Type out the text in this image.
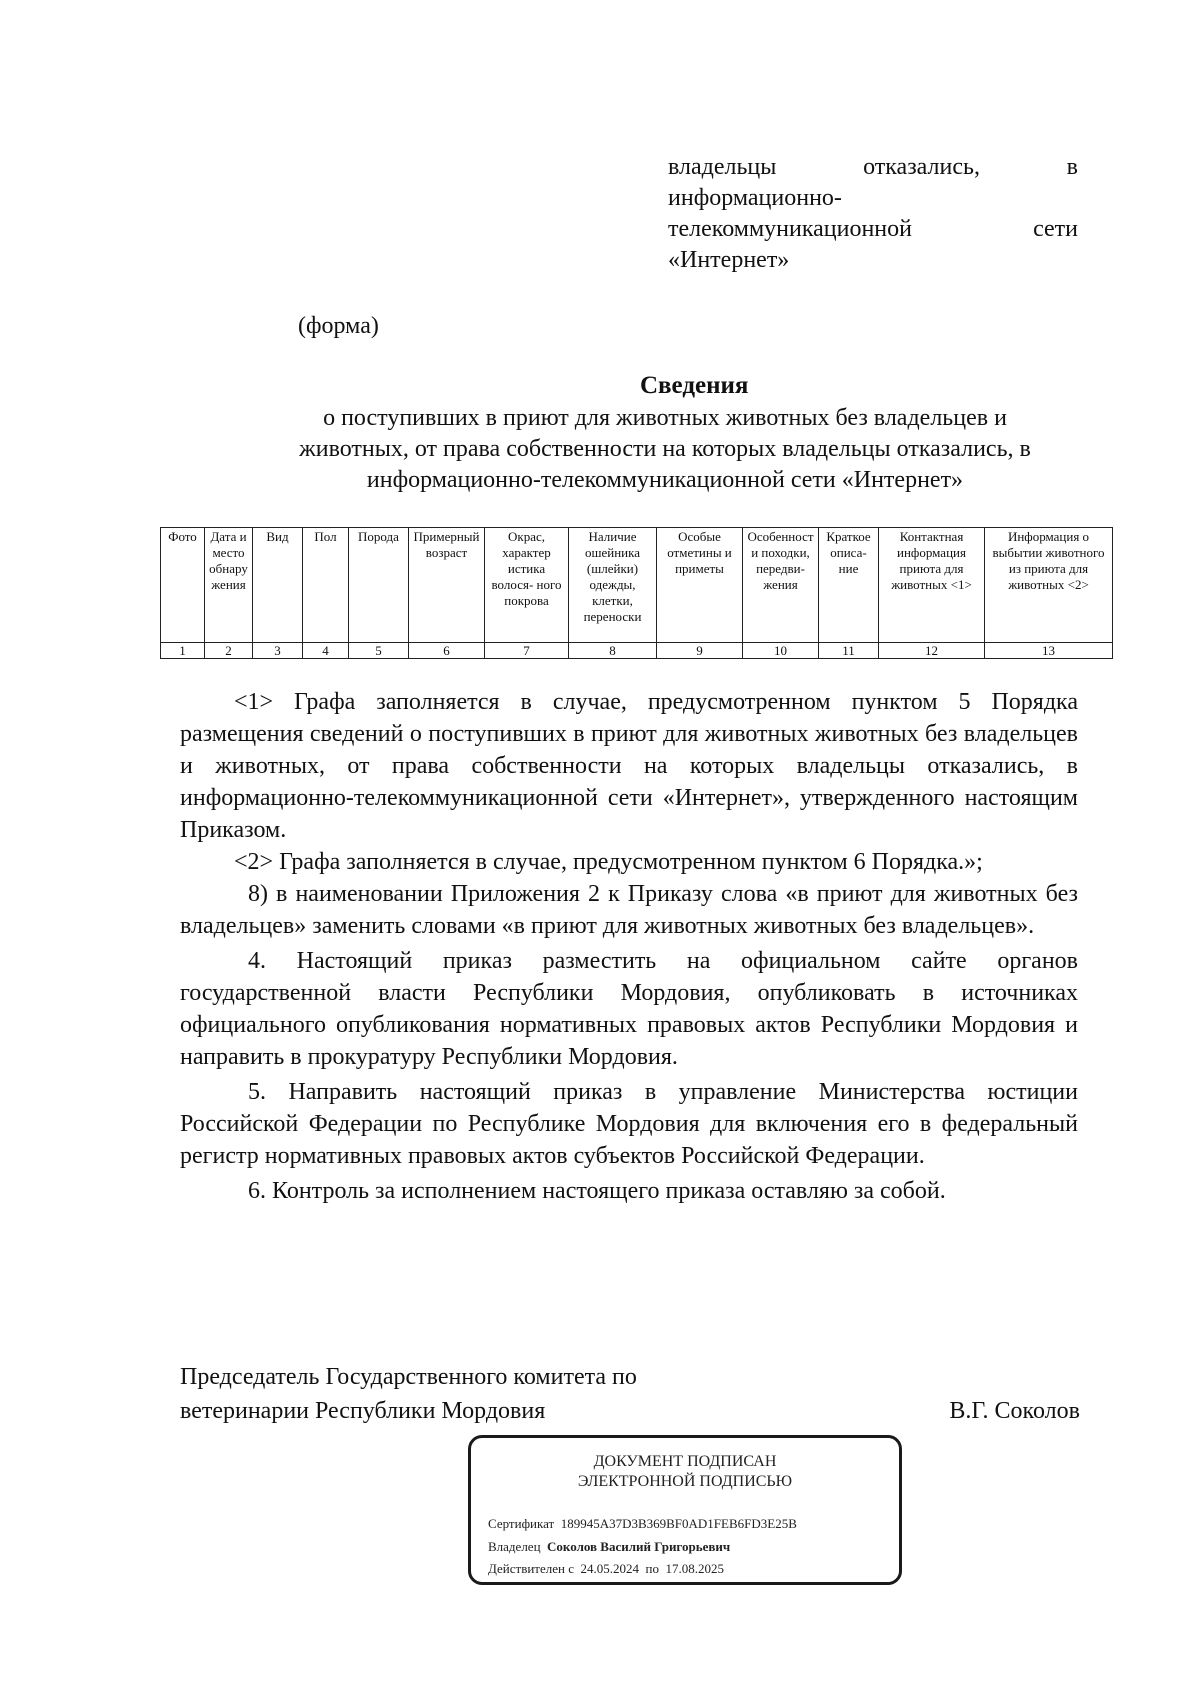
владельцы	отказались,	в
информационно-
телекоммуникационной	сети
«Интернет»
(форма)
Сведения
о поступивших в приют для животных животных без владельцев и
животных, от права собственности на которых владельцы отказались, в
информационно-телекоммуникационной сети «Интернет»
Фото	Дата и место обнару жения	Вид	Пол	Порода	Примерный возраст	Окрас, характер истика волося- ного покрова	Наличие ошейника (шлейки) одежды, клетки, переноски	Особые отметины и приметы	Особенност и походки, передви- жения	Краткое описа- ние	Контактная информация приюта для животных <1>	Информация о выбытии животного из приюта для животных <2>
1	2	3	4	5	6	7	8	9	10	11	12	13

<1> Графа заполняется в случае, предусмотренном пунктом 5 Порядка размещения сведений о поступивших в приют для животных животных без владельцев и животных, от права собственности на которых владельцы отказались, в информационно-телекоммуникационной сети «Интернет», утвержденного настоящим Приказом.

<2> Графа заполняется в случае, предусмотренном пунктом 6 Порядка.»;

8) в наименовании Приложения 2 к Приказу слова «в приют для животных без владельцев» заменить словами «в приют для животных животных без владельцев».

4. Настоящий приказ разместить на официальном сайте органов государственной власти Республики Мордовия, опубликовать в источниках официального опубликования нормативных правовых актов Республики Мордовия и направить в прокуратуру Республики Мордовия.

5. Направить настоящий приказ в управление Министерства юстиции Российской Федерации по Республике Мордовия для включения его в федеральный регистр нормативных правовых актов субъектов Российской Федерации.

6. Контроль за исполнением настоящего приказа оставляю за собой.

Председатель Государственного комитета по
ветеринарии Республики Мордовия	В.Г. Соколов
ДОКУМЕНТ ПОДПИСАН
ЭЛЕКТРОННОЙ ПОДПИСЬЮ
Сертификат 189945A37D3B369BF0AD1FEB6FD3E25B
Владелец Соколов Василий Григорьевич
Действителен с 24.05.2024 по 17.08.2025
